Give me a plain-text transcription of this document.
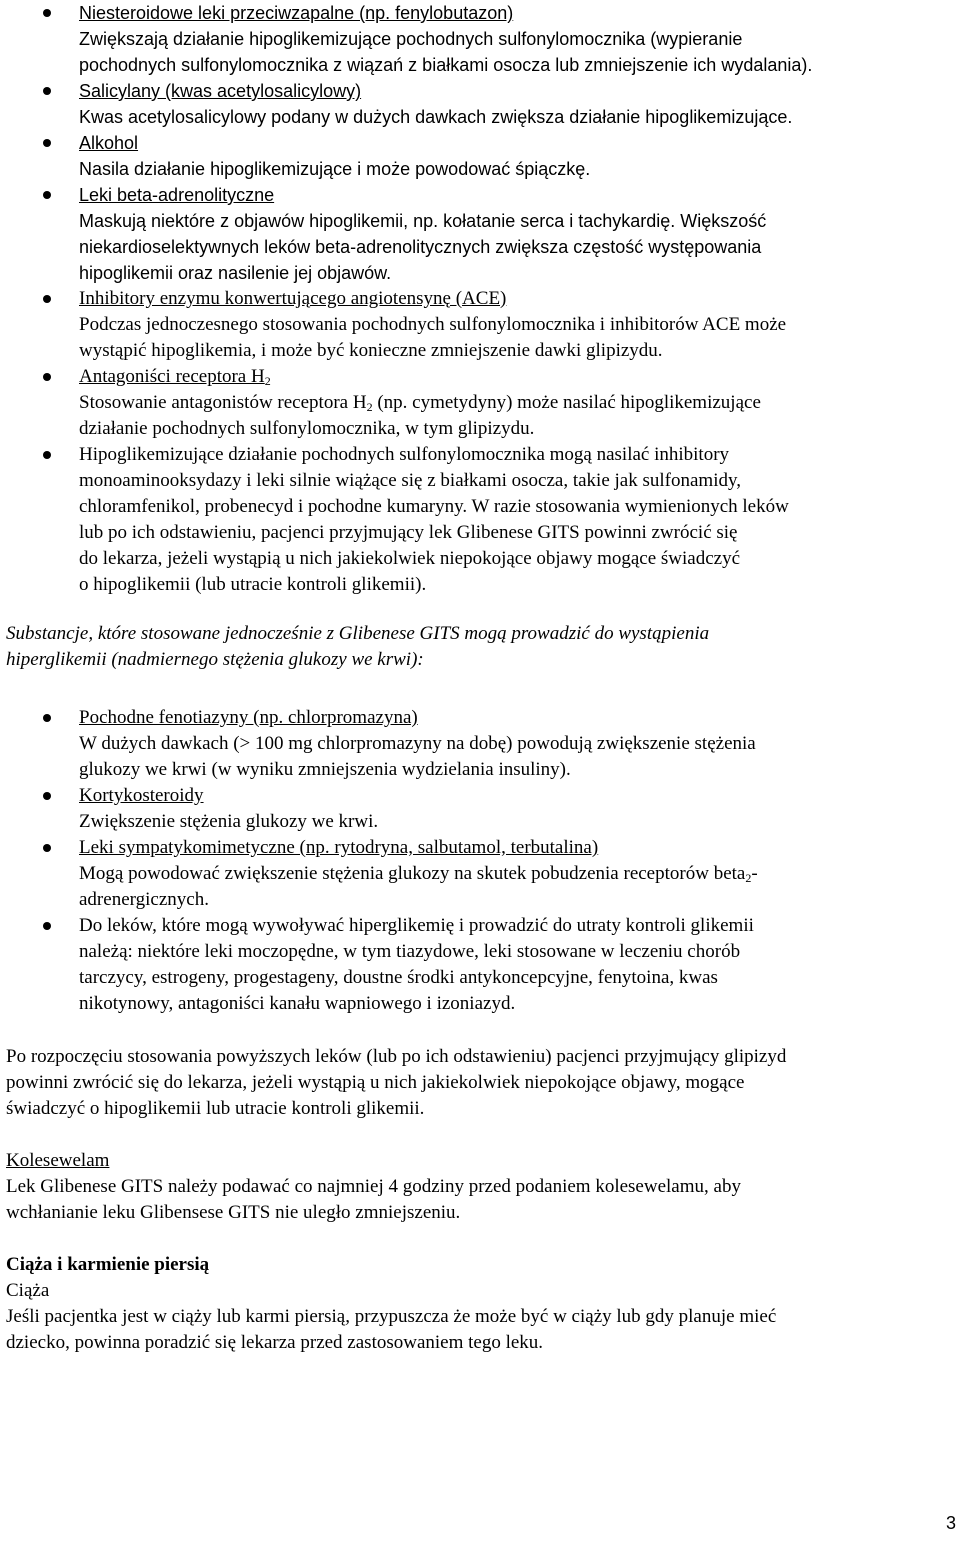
Niesteroidowe leki przeciwzapalne (np. fenylobutazon)
Zwiększają działanie hipoglikemizujące pochodnych sulfonylomocznika (wypieranie
pochodnych sulfonylomocznika z wiązań z białkami osocza lub zmniejszenie ich wydalania).
Salicylany (kwas acetylosalicylowy)
Kwas acetylosalicylowy podany w dużych dawkach zwiększa działanie hipoglikemizujące.
Alkohol
Nasila działanie hipoglikemizujące i może powodować śpiączkę.
Leki beta-adrenolityczne
Maskują niektóre z objawów hipoglikemii, np. kołatanie serca i tachykardię. Większość
niekardioselektywnych leków beta-adrenolitycznych zwiększa częstość występowania
hipoglikemii oraz nasilenie jej objawów.
Inhibitory enzymu konwertującego angiotensynę (ACE)
Podczas jednoczesnego stosowania pochodnych sulfonylomocznika i inhibitorów ACE może
wystąpić hipoglikemia, i może być konieczne zmniejszenie dawki glipizydu.
Antagoniści receptora $H_2$
Stosowanie antagonistów receptora $H_2$ (np. cymetydyny) może nasilać hipoglikemizujące
działanie pochodnych sulfonylomocznika, w tym glipizydu.
Hipoglikemizujące działanie pochodnych sulfonylomocznika mogą nasilać inhibitory
monoaminooksydazy i leki silnie wiążące się z białkami osocza, takie jak sulfonamidy,
chloramfenikol, probenecyd i pochodne kumaryny. W razie stosowania wymienionych leków
lub po ich odstawieniu, pacjenci przyjmujący lek Glibenese GITS powinni zwrócić się
do lekarza, jeżeli wystąpią u nich jakiekolwiek niepokojące objawy mogące świadczyć
o hipoglikemii (lub utracie kontroli glikemii).

Substancje, które stosowane jednocześnie z Glibenese GITS mogą prowadzić do wystąpienia
hiperglikemii (nadmiernego stężenia glukozy we krwi):

Pochodne fenotiazyny (np. chlorpromazyna)
W dużych dawkach (> 100 mg chlorpromazyny na dobę) powodują zwiększenie stężenia
glukozy we krwi (w wyniku zmniejszenia wydzielania insuliny).
Kortykosteroidy
Zwiększenie stężenia glukozy we krwi.
Leki sympatykomimetyczne (np. rytodryna, salbutamol, terbutalina)
Mogą powodować zwiększenie stężenia glukozy na skutek pobudzenia receptorów beta$_2$-
adrenergicznych.
Do leków, które mogą wywoływać hiperglikemię i prowadzić do utraty kontroli glikemii
należą: niektóre leki moczopędne, w tym tiazydowe, leki stosowane w leczeniu chorób
tarczycy, estrogeny, progestageny, doustne środki antykoncepcyjne, fenytoina, kwas
nikotynowy, antagoniści kanału wapniowego i izoniazyd.

Po rozpoczęciu stosowania powyższych leków (lub po ich odstawieniu) pacjenci przyjmujący glipizyd
powinni zwrócić się do lekarza, jeżeli wystąpią u nich jakiekolwiek niepokojące objawy, mogące
świadczyć o hipoglikemii lub utracie kontroli glikemii.

Kolesewelam
Lek Glibenese GITS należy podawać co najmniej 4 godziny przed podaniem kolesewelamu, aby
wchłanianie leku Glibensese GITS nie uległo zmniejszeniu.

Ciąża i karmienie piersią
Ciąża
Jeśli pacjentka jest w ciąży lub karmi piersią, przypuszcza że może być w ciąży lub gdy planuje mieć
dziecko, powinna poradzić się lekarza przed zastosowaniem tego leku.

3
